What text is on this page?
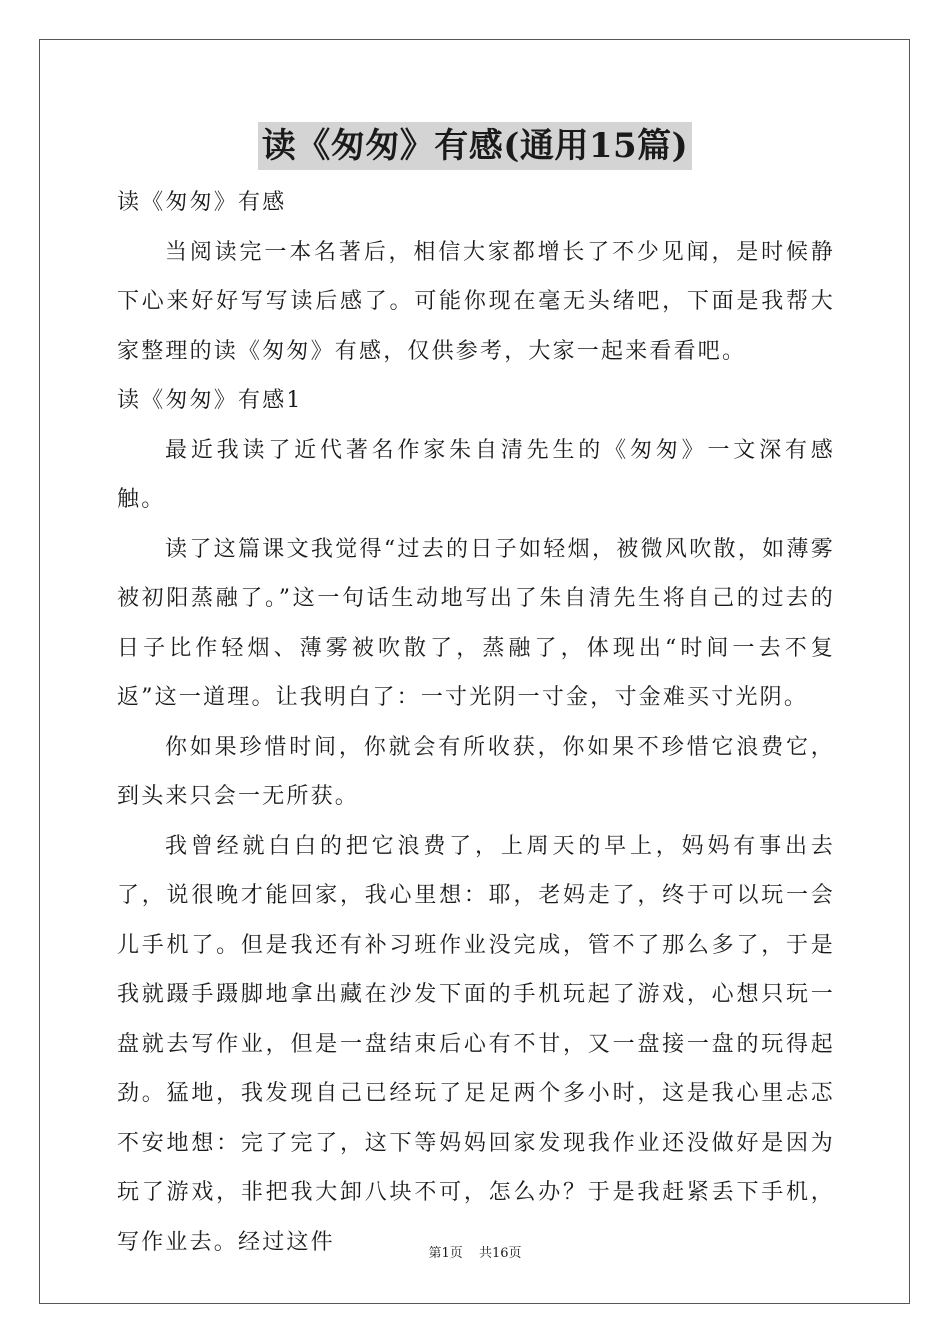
读《匆匆》有感(通用15篇)

读《匆匆》有感

当阅读完一本名著后，相信大家都增长了不少见闻，是时候静下心来好好写写读后感了。可能你现在毫无头绪吧，下面是我帮大家整理的读《匆匆》有感，仅供参考，大家一起来看看吧。

读《匆匆》有感1

最近我读了近代著名作家朱自清先生的《匆匆》一文深有感触。

读了这篇课文我觉得“过去的日子如轻烟，被微风吹散，如薄雾被初阳蒸融了。”这一句话生动地写出了朱自清先生将自己的过去的日子比作轻烟、薄雾被吹散了，蒸融了，体现出“时间一去不复返”这一道理。让我明白了：一寸光阴一寸金，寸金难买寸光阴。

你如果珍惜时间，你就会有所收获，你如果不珍惜它浪费它，到头来只会一无所获。

我曾经就白白的把它浪费了，上周天的早上，妈妈有事出去了，说很晚才能回家，我心里想：耶，老妈走了，终于可以玩一会儿手机了。但是我还有补习班作业没完成，管不了那么多了，于是我就蹑手蹑脚地拿出藏在沙发下面的手机玩起了游戏，心想只玩一盘就去写作业，但是一盘结束后心有不甘，又一盘接一盘的玩得起劲。猛地，我发现自己已经玩了足足两个多小时，这是我心里忐忑不安地想：完了完了，这下等妈妈回家发现我作业还没做好是因为玩了游戏，非把我大卸八块不可，怎么办？于是我赶紧丢下手机，写作业去。经过这件	第1页 共16页
